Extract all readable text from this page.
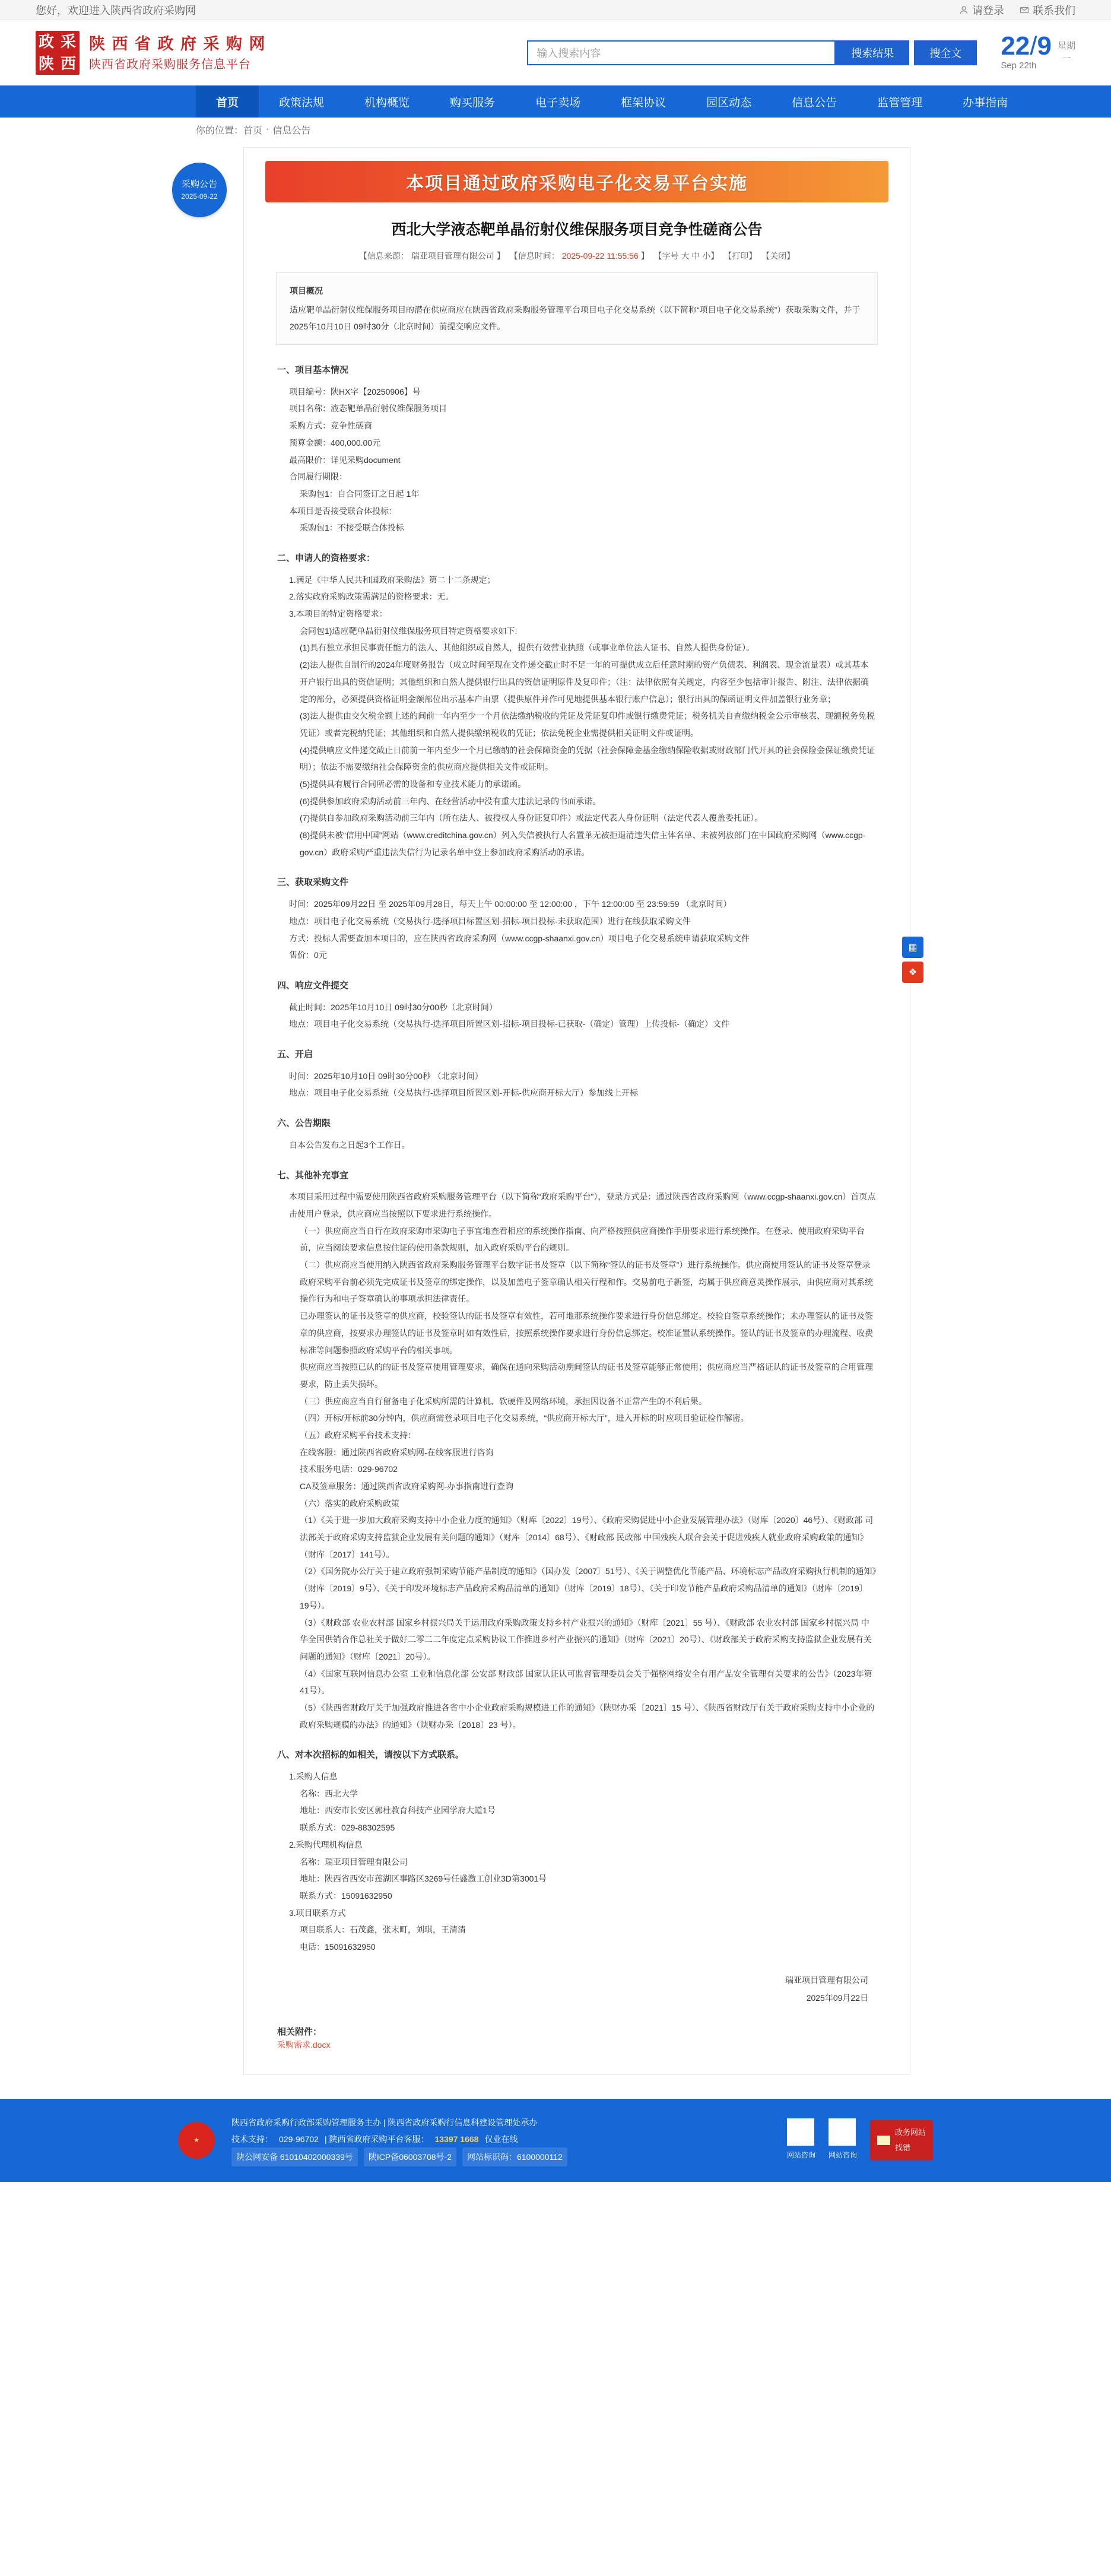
您好，欢迎进入陕西省政府采购网	请登录	联系我们
政 采
陕 西
陕 西 省 政 府 采 购 网
陕西省政府采购服务信息平台
输入搜索内容	搜索结果	搜全文	22/9
Sep 22th
星期
一
首页	政策法规	机构概览	购买服务	电子卖场	框架协议	园区动态	信息公告	监管管理	办事指南
你的位置： 首页 · 信息公告
采购公告
2025-09-22
本项目通过政府采购电子化交易平台实施
西北大学液态靶单晶衍射仪维保服务项目竞争性磋商公告
【信息来源： 瑞亚项目管理有限公司 】 【信息时间： 2025-09-22 11:55:56 】 【字号 大 中 小】 【打印】 【关闭】
项目概况
适应靶单晶衍射仪维保服务项目的潜在供应商应在陕西省政府采购服务管理平台项目电子化交易系统（以下简称“项目电子化交易系统”）获取采购文件，并于 2025年10月10日 09时30分（北京时间）前提交响应文件。
一、项目基本情况

项目编号：陕HX字【20250906】号

项目名称：液态靶单晶衍射仪维保服务项目

采购方式：竞争性磋商

预算金额：400,000.00元

最高限价：详见采购document

合同履行期限：

采购包1：自合同签订之日起 1年

本项目是否接受联合体投标：

采购包1：不接受联合体投标

二、申请人的资格要求：

1.满足《中华人民共和国政府采购法》第二十二条规定；

2.落实政府采购政策需满足的资格要求：无。

3.本项目的特定资格要求：

会同包1)适应靶单晶衍射仪维保服务项目特定资格要求如下:

(1)具有独立承担民事责任能力的法人、其他组织或自然人，提供有效营业执照（或事业单位法人证书、自然人提供身份证）。

(2)法人提供自制行的2024年度财务报告（成立时间至现在文件递交截止时不足一年的可提供成立后任意时期的资产负债表、利润表、现金流量表）或其基本开户银行出具的资信证明；其他组织和自然人提供银行出具的资信证明原件及复印件；（注：法律依照有关规定，内容至少包括审计报告、附注、法律依据确定的部分，必须提供资格证明金额部位出示基本户由票（提供原件并作可见地提供基本银行账户信息）；银行出具的保函证明文件加盖银行业务章；

(3)法人提供由交欠税金额上述的间前一年内至少一个月依法缴纳税收的凭证及凭证复印件或银行缴费凭证；税务机关自查缴纳税金公示审核表、现额税务免税凭证）或者完税纳凭证；其他组织和自然人提供缴纳税收的凭证；依法免税企业需提供相关证明文件或证明。

(4)提供响应文件递交截止日前前一年内至少一个月已缴纳的社会保障资金的凭据（社会保障金基金缴纳保险收据或财政部门代开具的社会保险金保证缴费凭证明）；依法不需要缴纳社会保障资金的供应商应提供相关文件或证明。

(5)提供具有履行合同所必需的设备和专业技术能力的承诺函。

(6)提供参加政府采购活动前三年内、在经营活动中没有重大违法记录的书面承诺。

(7)提供自参加政府采购活动前三年内（所在法人、被授权人身份证复印件）或法定代表人身份证明（法定代表人覆盖委托证）。

(8)提供未被“信用中国”网站（www.creditchina.gov.cn）列入失信被执行人名置单无被拒退清违失信主体名单、未被列放部门在中国政府采购网（www.ccgp-gov.cn）政府采购严重违法失信行为记录名单中登上参加政府采购活动的承诺。

三、获取采购文件

时间：2025年09月22日 至 2025年09月28日，每天上午 00:00:00 至 12:00:00 ，下午 12:00:00 至 23:59:59 （北京时间）

地点：项目电子化交易系统（交易执行-选择项目标置区划-招标-项目投标-未获取范围）进行在线获取采购文件

方式：投标人需要查加本项目的，应在陕西省政府采购网（www.ccgp-shaanxi.gov.cn）项目电子化交易系统申请获取采购文件

售价：0元

四、响应文件提交

截止时间：2025年10月10日 09时30分00秒（北京时间）

地点：项目电子化交易系统（交易执行-选择项目所置区划-招标-项目投标-已获取-（确定）管理）上传投标-（确定）文件

五、开启

时间：2025年10月10日 09时30分00秒 （北京时间）

地点：项目电子化交易系统（交易执行-选择项目所置区划-开标-供应商开标大厅）参加线上开标

六、公告期限

自本公告发布之日起3个工作日。

七、其他补充事宜

本项目采用过程中需要使用陕西省政府采购服务管理平台（以下简称“政府采购平台”），登录方式是：通过陕西省政府采购网（www.ccgp-shaanxi.gov.cn）首页点击使用户登录，供应商应当按照以下要求进行系统操作。

（一）供应商应当自行在政府采购市采购电子事宜地查看相应的系统操作指南、向严格按照供应商操作手册要求进行系统操作。在登录、使用政府采购平台前，应当阅读要求信息按住证的使用条款规则，加入政府采购平台的规则。

（二）供应商应当使用纳入陕西省政府采购服务管理平台数字证书及签章（以下简称“签认的证书及签章”）进行系统操作。供应商使用签认的证书及签章登录政府采购平台前必须先完成证书及签章的绑定操作，以及加盖电子签章确认相关行程和作。交易前电子新签，均属于供应商意灵操作展示，由供应商对其系统操作行为和电子签章确认的事项承担法律责任。

已办理签认的证书及签章的供应商，校验签认的证书及签章有效性，若可地那系统操作要求进行身份信息绑定。校验自签章系统操作；未办理签认的证书及签章的供应商，按要求办理签认的证书及签章时如有效性后，按照系统操作要求进行身份信息绑定。校准证置认系统操作。签认的证书及签章的办理流程、收费标准等问题参照政府采购平台的相关事项。

供应商应当按照已认的的证书及签章使用管理要求，确保在通向采购活动期间签认的证书及签章能够正常使用；供应商应当严格证认的证书及签章的合用管理要求，防止丢失损坏。

（三）供应商应当自行留备电子化采购所需的计算机、软硬件及网络环境，承担因设备不正常产生的不利后果。

（四）开标/开标前30分钟内，供应商需登录项目电子化交易系统，“供应商开标大厅”，进入开标的时应项目验证检作解密。

（五）政府采购平台技术支持：

在线客服：通过陕西省政府采购网-在线客服进行咨询

技术服务电话：029-96702

CA及签章服务：通过陕西省政府采购网-办事指南进行查询

（六）落实的政府采购政策

（1）《关于进一步加大政府采购支持中小企业力度的通知》（财库〔2022〕19号）、《政府采购促进中小企业发展管理办法》（财库〔2020〕46号）、《财政部 司法部关于政府采购支持监狱企业发展有关问题的通知》（财库〔2014〕68号）、《财政部 民政部 中国残疾人联合会关于促进残疾人就业政府采购政策的通知》（财库〔2017〕141号）。

（2）《国务院办公厅关于建立政府强制采购节能产品制度的通知》（国办发〔2007〕51号）、《关于调整优化节能产品、环境标志产品政府采购执行机制的通知》（财库〔2019〕9号）、《关于印发环境标志产品政府采购品清单的通知》（财库〔2019〕18号）、《关于印发节能产品政府采购品清单的通知》（财库〔2019〕19号）。

（3）《财政部 农业农村部 国家乡村振兴局关于运用政府采购政策支持乡村产业振兴的通知》（财库〔2021〕55 号）、《财政部 农业农村部 国家乡村振兴局 中华全国供销合作总社关于做好二零二二年度定点采购协议工作推进乡村产业振兴的通知》（财库〔2021〕20号）、《财政部关于政府采购支持监狱企业发展有关问题的通知》（财库〔2021〕20号）。

（4）《国家互联网信息办公室 工业和信息化部 公安部 财政部 国家认证认可监督管理委员会关于强整网络安全有用产品安全管理有关要求的公告》（2023年第41号）。

（5）《陕西省财政厅关于加强政府推进各省中小企业政府采购规模进工作的通知》（陕财办采〔2021〕15 号）、《陕西省财政厅有关于政府采购支持中小企业的政府采购规模的办法》的通知》（陕财办采〔2018〕23 号）。

八、对本次招标的如相关，请按以下方式联系。

1.采购人信息

名称：西北大学

地址：西安市长安区郭杜教育科技产业园学府大道1号

联系方式：029-88302595

2.采购代理机构信息

名称：瑞亚项目管理有限公司

地址：陕西省西安市莲湖区事路区3269号任盛激工创业3D第3001号

联系方式：15091632950

3.项目联系方式

项目联系人：石茂鑫，张末町，刘琪，王清清

电话：15091632950

瑞亚项目管理有限公司
2025年09月22日
相关附件：
采购需求.docx
▦
❖
★
陕西省政府采购行政部采购管理服务主办 | 陕西省政府采购行信息科建设管理处承办
技术支持： 029-96702 | 陕西省政府采购平台客服： 13397 1668 仅业在线
陕公网安备 61010402000339号 陕ICP备06003708号-2 网站标识码：6100000112	网站咨询 网站咨询
政务网站
找错
